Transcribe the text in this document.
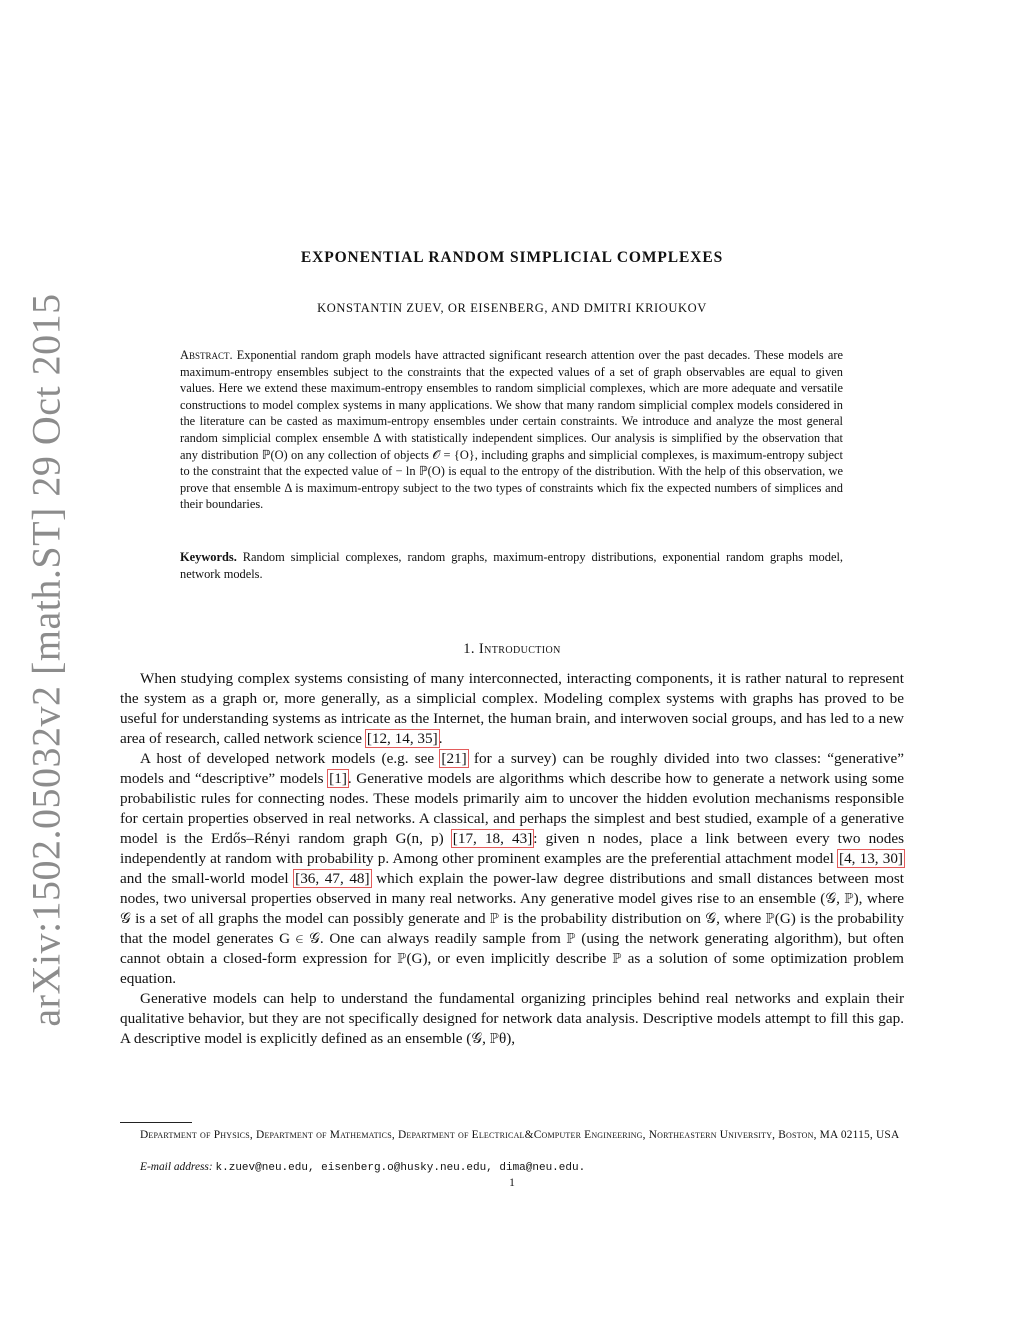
arXiv:1502.05032v2 [math.ST] 29 Oct 2015
EXPONENTIAL RANDOM SIMPLICIAL COMPLEXES
KONSTANTIN ZUEV, OR EISENBERG, AND DMITRI KRIOUKOV
Abstract. Exponential random graph models have attracted significant research attention over the past decades. These models are maximum-entropy ensembles subject to the constraints that the expected values of a set of graph observables are equal to given values. Here we extend these maximum-entropy ensembles to random simplicial complexes, which are more adequate and versatile constructions to model complex systems in many applications. We show that many random simplicial complex models considered in the literature can be casted as maximum-entropy ensembles under certain constraints. We introduce and analyze the most general random simplicial complex ensemble Δ with statistically independent simplices. Our analysis is simplified by the observation that any distribution ℙ(O) on any collection of objects 𝒪 = {O}, including graphs and simplicial complexes, is maximum-entropy subject to the constraint that the expected value of − ln ℙ(O) is equal to the entropy of the distribution. With the help of this observation, we prove that ensemble Δ is maximum-entropy subject to the two types of constraints which fix the expected numbers of simplices and their boundaries.
Keywords. Random simplicial complexes, random graphs, maximum-entropy distributions, exponential random graphs model, network models.
1. Introduction

When studying complex systems consisting of many interconnected, interacting components, it is rather natural to represent the system as a graph or, more generally, as a simplicial complex. Modeling complex systems with graphs has proved to be useful for understanding systems as intricate as the Internet, the human brain, and interwoven social groups, and has led to a new area of research, called network science [12, 14, 35].

A host of developed network models (e.g. see [21] for a survey) can be roughly divided into two classes: “generative” models and “descriptive” models [1]. Generative models are algorithms which describe how to generate a network using some probabilistic rules for connecting nodes. These models primarily aim to uncover the hidden evolution mechanisms responsible for certain properties observed in real networks. A classical, and perhaps the simplest and best studied, example of a generative model is the Erdős–Rényi random graph G(n, p) [17, 18, 43]: given n nodes, place a link between every two nodes independently at random with probability p. Among other prominent examples are the preferential attachment model [4, 13, 30] and the small-world model [36, 47, 48] which explain the power-law degree distributions and small distances between most nodes, two universal properties observed in many real networks. Any generative model gives rise to an ensemble (𝒢, ℙ), where 𝒢 is a set of all graphs the model can possibly generate and ℙ is the probability distribution on 𝒢, where ℙ(G) is the probability that the model generates G ∈ 𝒢. One can always readily sample from ℙ (using the network generating algorithm), but often cannot obtain a closed-form expression for ℙ(G), or even implicitly describe ℙ as a solution of some optimization problem equation.

Generative models can help to understand the fundamental organizing principles behind real networks and explain their qualitative behavior, but they are not specifically designed for network data analysis. Descriptive models attempt to fill this gap. A descriptive model is explicitly defined as an ensemble (𝒢, ℙθ),

Department of Physics, Department of Mathematics, Department of Electrical&Computer Engineering, Northeastern University, Boston, MA 02115, USA
E-mail address: k.zuev@neu.edu, eisenberg.o@husky.neu.edu, dima@neu.edu.
1
